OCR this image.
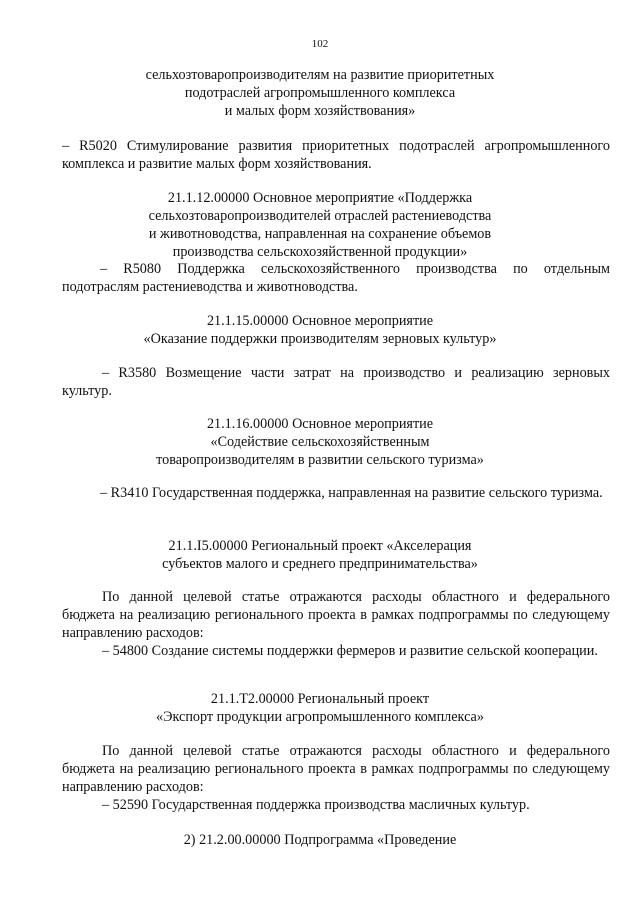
102
сельхозтоваропроизводителям на развитие приоритетных
подотраслей агропромышленного комплекса
и малых форм хозяйствования»
– R5020 Стимулирование развития приоритетных подотраслей агропромышленного комплекса и развитие малых форм хозяйствования.
21.1.12.00000 Основное мероприятие «Поддержка
сельхозтоваропроизводителей отраслей растениеводства
и животноводства, направленная на сохранение объемов
производства сельскохозяйственной продукции»
– R5080 Поддержка сельскохозяйственного производства по отдельным подотраслям растениеводства и животноводства.
21.1.15.00000 Основное мероприятие
«Оказание поддержки производителям зерновых культур»
– R3580 Возмещение части затрат на производство и реализацию зерновых культур.
21.1.16.00000 Основное мероприятие
«Содействие сельскохозяйственным
товаропроизводителям в развитии сельского туризма»
– R3410 Государственная поддержка, направленная на развитие сельского туризма.
21.1.I5.00000 Региональный проект «Акселерация
субъектов малого и среднего предпринимательства»
По данной целевой статье отражаются расходы областного и федерального бюджета на реализацию регионального проекта в рамках подпрограммы по следующему направлению расходов:
– 54800 Создание системы поддержки фермеров и развитие сельской кооперации.
21.1.T2.00000 Региональный проект
«Экспорт продукции агропромышленного комплекса»
По данной целевой статье отражаются расходы областного и федерального бюджета на реализацию регионального проекта в рамках подпрограммы по следующему направлению расходов:
– 52590 Государственная поддержка производства масличных культур.
2) 21.2.00.00000 Подпрограмма «Проведение
